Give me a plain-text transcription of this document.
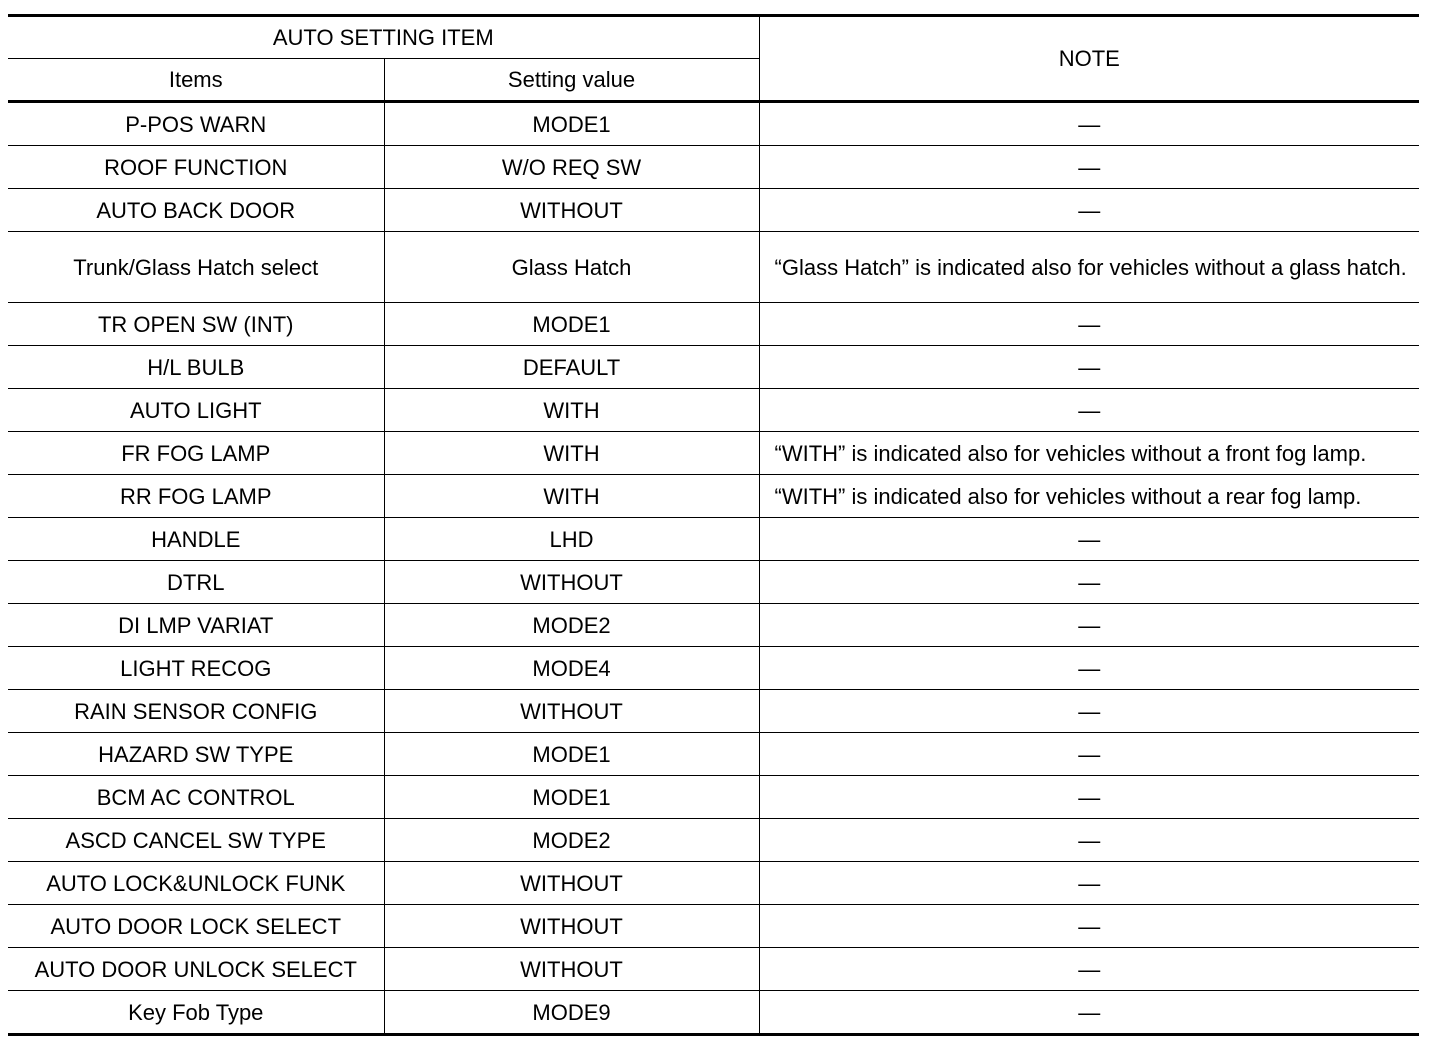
AUTO SETTING ITEM		NOTE
Items	Setting value	
P-POS WARN	MODE1	—
ROOF FUNCTION	W/O REQ SW	—
AUTO BACK DOOR	WITHOUT	—
Trunk/Glass Hatch select	Glass Hatch	“Glass Hatch” is indicated also for vehicles without a glass hatch.
TR OPEN SW (INT)	MODE1	—
H/L BULB	DEFAULT	—
AUTO LIGHT	WITH	—
FR FOG LAMP	WITH	“WITH” is indicated also for vehicles without a front fog lamp.
RR FOG LAMP	WITH	“WITH” is indicated also for vehicles without a rear fog lamp.
HANDLE	LHD	—
DTRL	WITHOUT	—
DI LMP VARIAT	MODE2	—
LIGHT RECOG	MODE4	—
RAIN SENSOR CONFIG	WITHOUT	—
HAZARD SW TYPE	MODE1	—
BCM AC CONTROL	MODE1	—
ASCD CANCEL SW TYPE	MODE2	—
AUTO LOCK&UNLOCK FUNK	WITHOUT	—
AUTO DOOR LOCK SELECT	WITHOUT	—
AUTO DOOR UNLOCK SELECT	WITHOUT	—
Key Fob Type	MODE9	—
